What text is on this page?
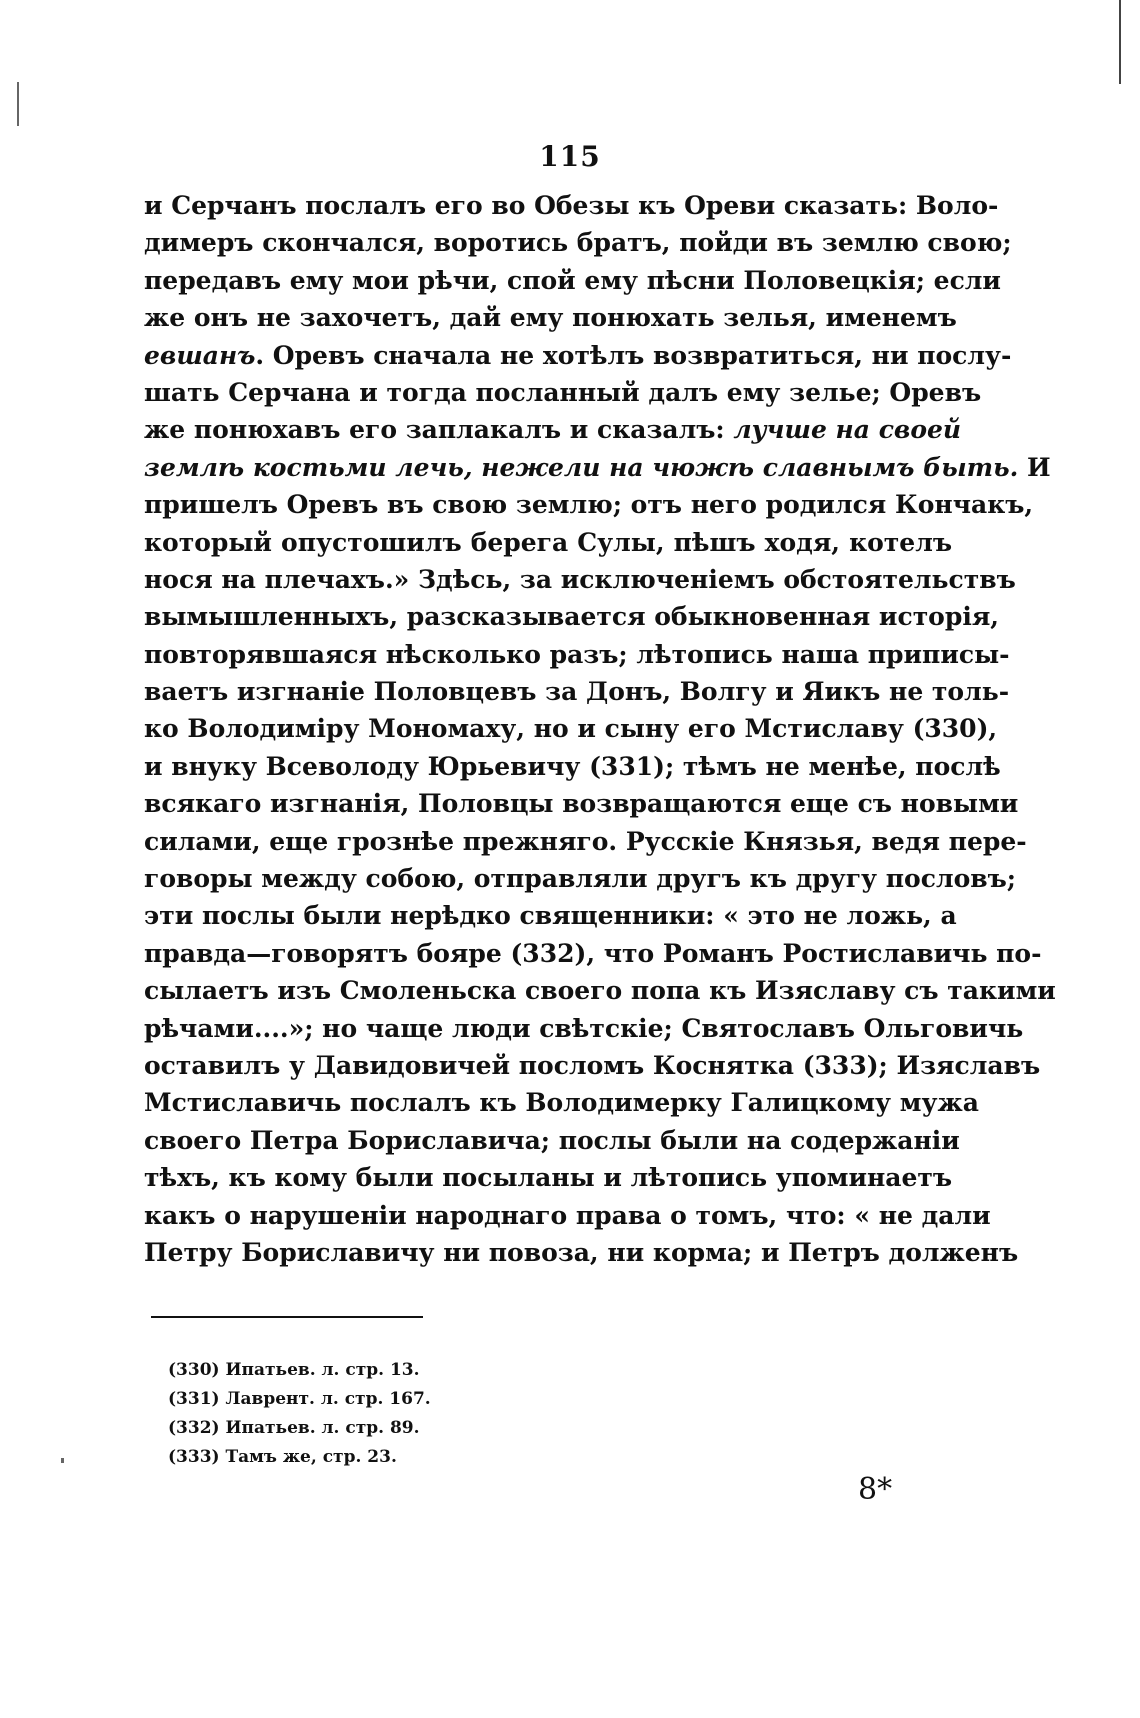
115
и Серчанъ послалъ его во Обезы къ Ореви сказать: Воло-
димеръ скончался, воротись братъ, пойди въ землю свою;
передавъ ему мои рѣчи, спой ему пѣсни Половецкія; если
же онъ не захочетъ, дай ему понюхать зелья, именемъ
евшанъ. Оревъ сначала не хотѣлъ возвратиться, ни послу-
шать Серчана и тогда посланный далъ ему зелье; Оревъ
же понюхавъ его заплакалъ и сказалъ: лучше на своей
землѣ костьми лечь, нежели на чюжѣ славнымъ быть. И
пришелъ Оревъ въ свою землю; отъ него родился Кончакъ,
который опустошилъ берега Сулы, пѣшъ ходя, котелъ
нося на плечахъ.» Здѣсь, за исключеніемъ обстоятельствъ
вымышленныхъ, разсказывается обыкновенная исторія,
повторявшаяся нѣсколько разъ; лѣтопись наша приписы-
ваетъ изгнаніе Половцевъ за Донъ, Волгу и Яикъ не толь-
ко Володиміру Мономаху, но и сыну его Мстиславу (330),
и внуку Всеволоду Юрьевичу (331); тѣмъ не менѣе, послѣ
всякаго изгнанія, Половцы возвращаются еще съ новыми
силами, еще грознѣе прежняго. Русскіе Князья, ведя пере-
говоры между собою, отправляли другъ къ другу пословъ;
эти послы были нерѣдко священники: « это не ложь, а
правда—говорятъ бояре (332), что Романъ Ростиславичь по-
сылаетъ изъ Смоленьска своего попа къ Изяславу съ такими
рѣчами....»; но чаще люди свѣтскіе; Святославъ Ольговичь
оставилъ у Давидовичей посломъ Коснятка (333); Изяславъ
Мстиславичь послалъ къ Володимерку Галицкому мужа
своего Петра Бориславича; послы были на содержаніи
тѣхъ, къ кому были посыланы и лѣтопись упоминаетъ
какъ о нарушеніи народнаго права о томъ, что: « не дали
Петру Бориславичу ни повоза, ни корма; и Петръ долженъ
(330) Ипатьев. л. стр. 13.
(331) Лаврент. л. стр. 167.
(332) Ипатьев. л. стр. 89.
(333) Тамъ же, стр. 23.
8*
